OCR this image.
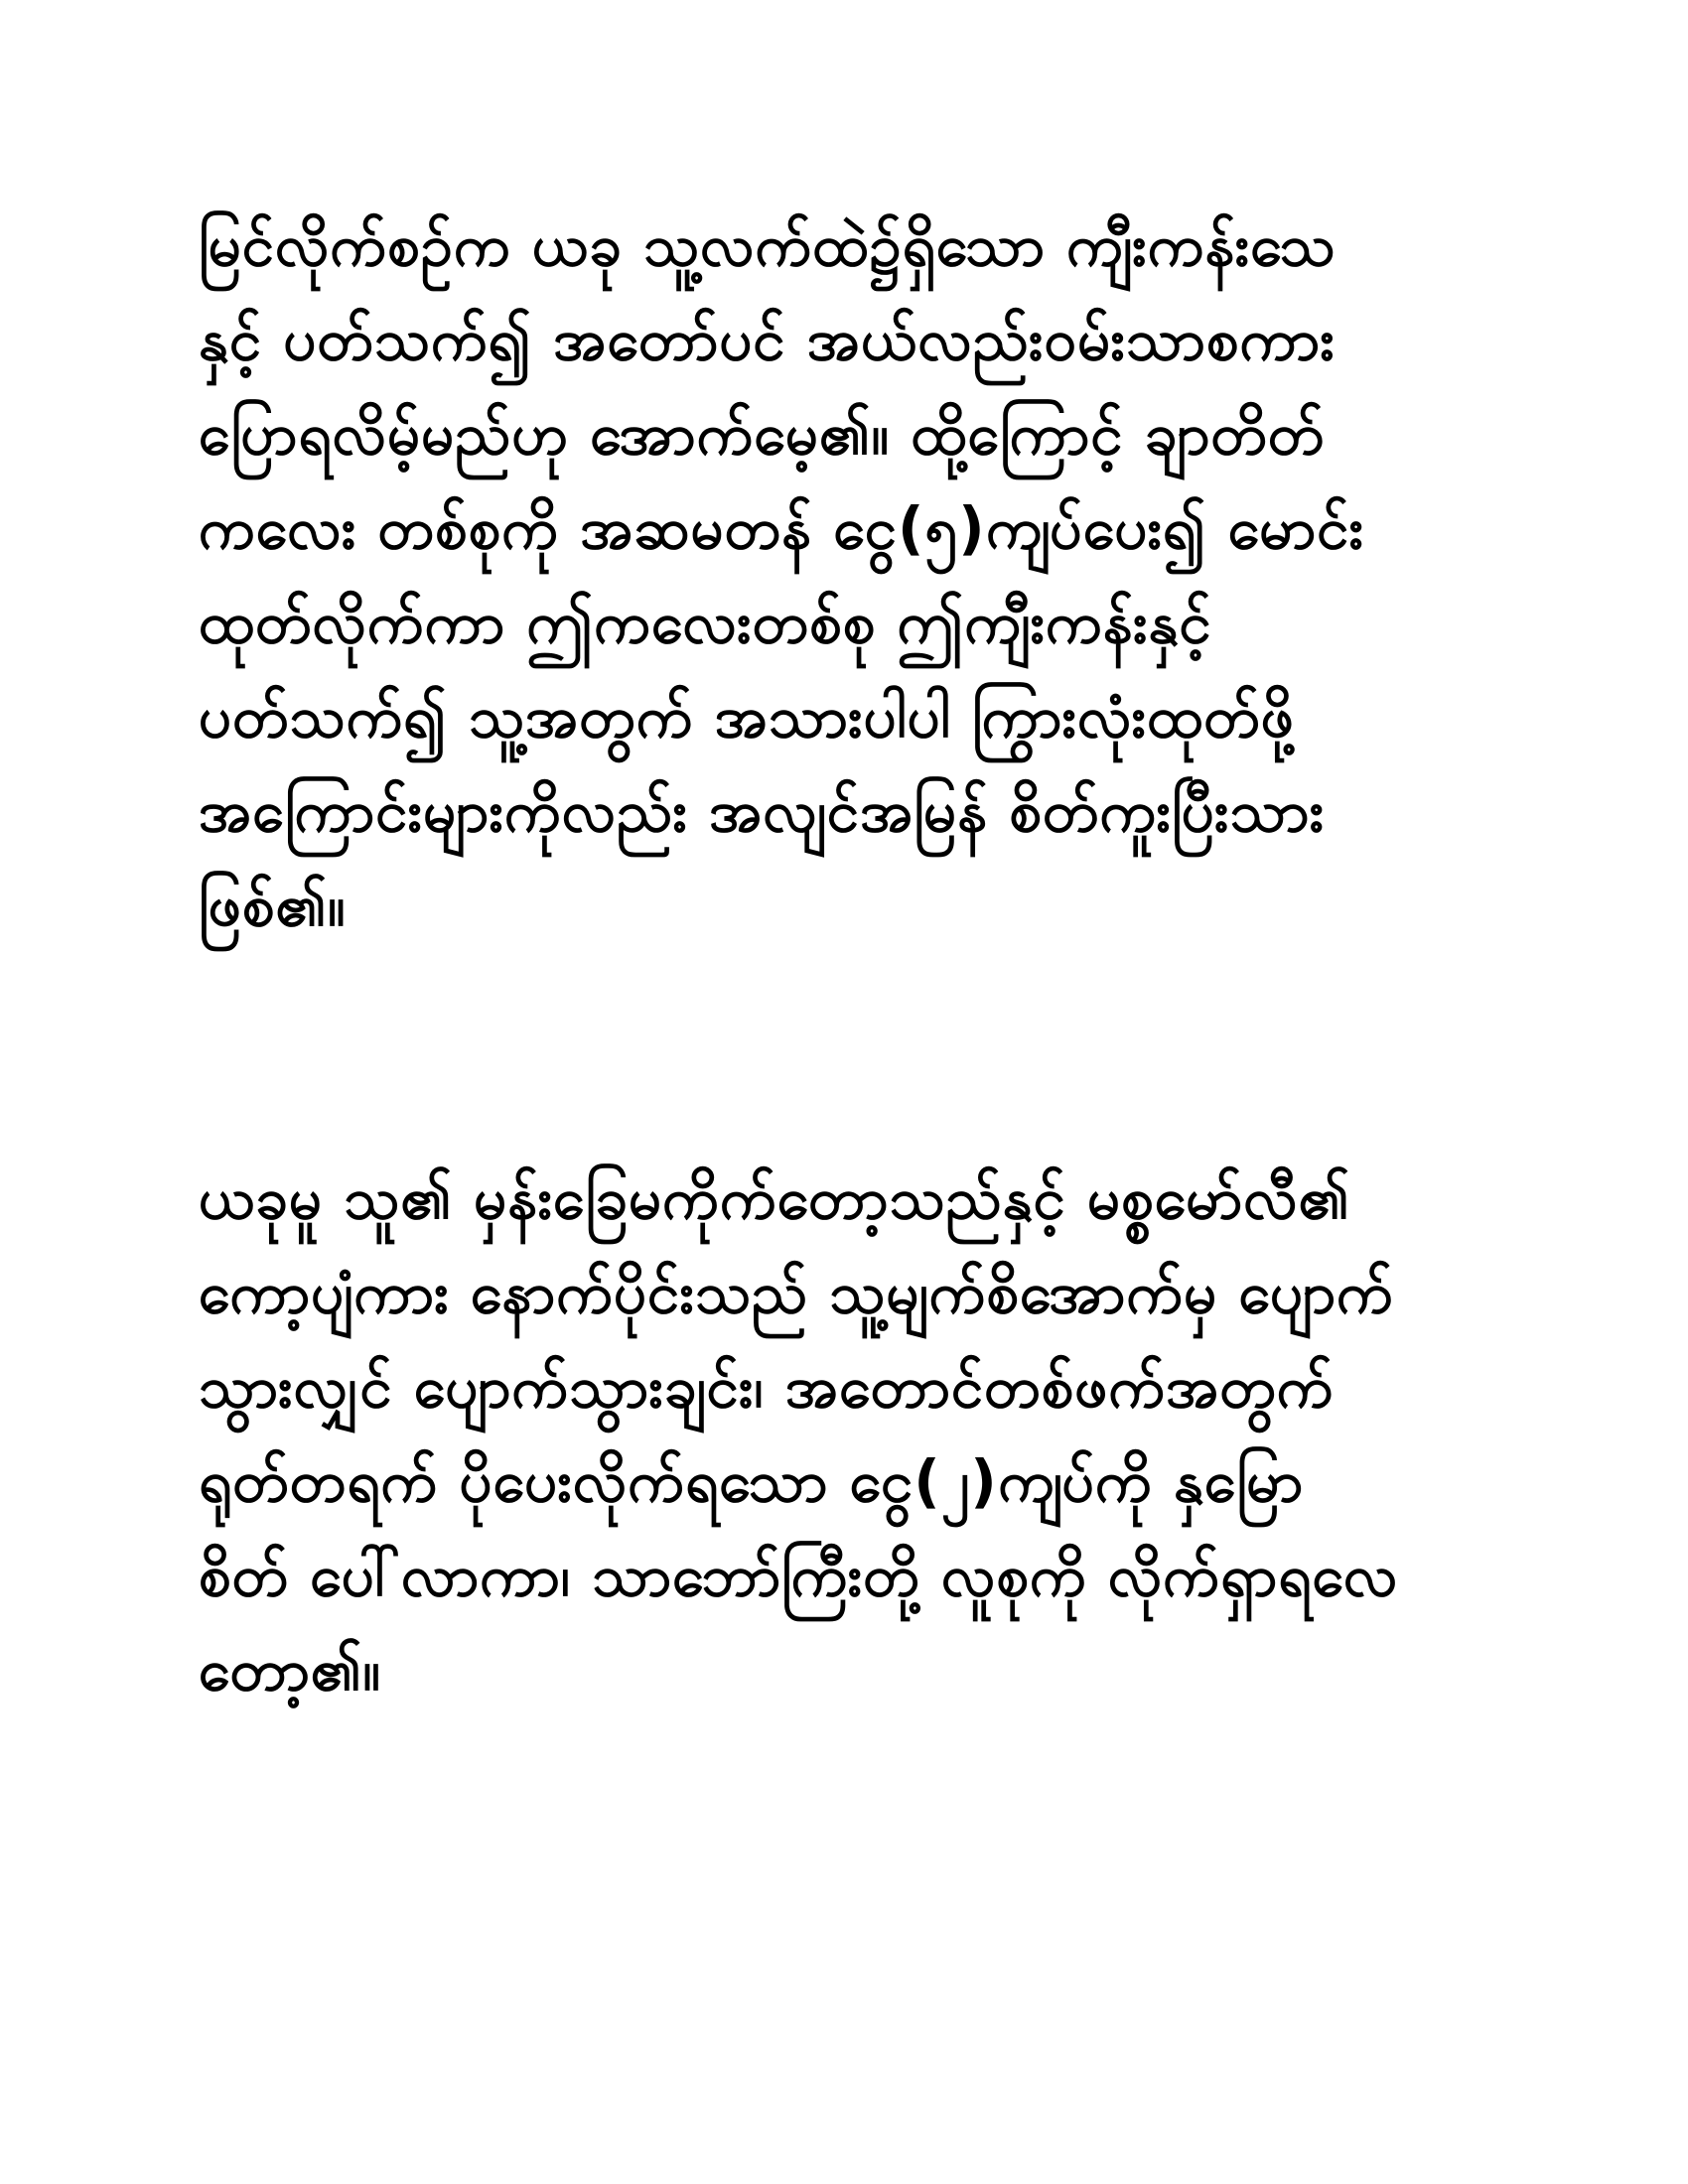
မြင်လိုက်စဉ်က ယခု သူ့လက်ထဲ၌ရှိသော ကျီးကန်းသေ
နှင့် ပတ်သက်၍ အတော်ပင် အယ်လည်းဝမ်းသာစကား
ပြောရလိမ့်မည်ဟု အောက်မေ့၏။ ထို့ကြောင့် ချာတိတ်
ကလေး တစ်စုကို အဆမတန် ငွေ(၅)ကျပ်ပေး၍ မောင်း
ထုတ်လိုက်ကာ ဤကလေးတစ်စု ဤကျီးကန်းနှင့်
ပတ်သက်၍ သူ့အတွက် အသားပါပါ ကြွားလုံးထုတ်ဖို့
အကြောင်းများကိုလည်း အလျင်အမြန် စိတ်ကူးပြီးသား
ဖြစ်၏။
ယခုမူ သူ၏ မှန်းခြေမကိုက်တော့သည်နှင့် မစ္စမော်လီ၏
ကော့ပျံကား နောက်ပိုင်းသည် သူ့မျက်စိအောက်မှ ပျောက်
သွားလျှင် ပျောက်သွားချင်း၊ အတောင်တစ်ဖက်အတွက်
ရုတ်တရက် ပိုပေးလိုက်ရသော ငွေ(၂)ကျပ်ကို နှမြော
စိတ် ပေါ်လာကာ၊ သာဘော်ကြီးတို့ လူစုကို လိုက်ရှာရလေ
တော့၏။
